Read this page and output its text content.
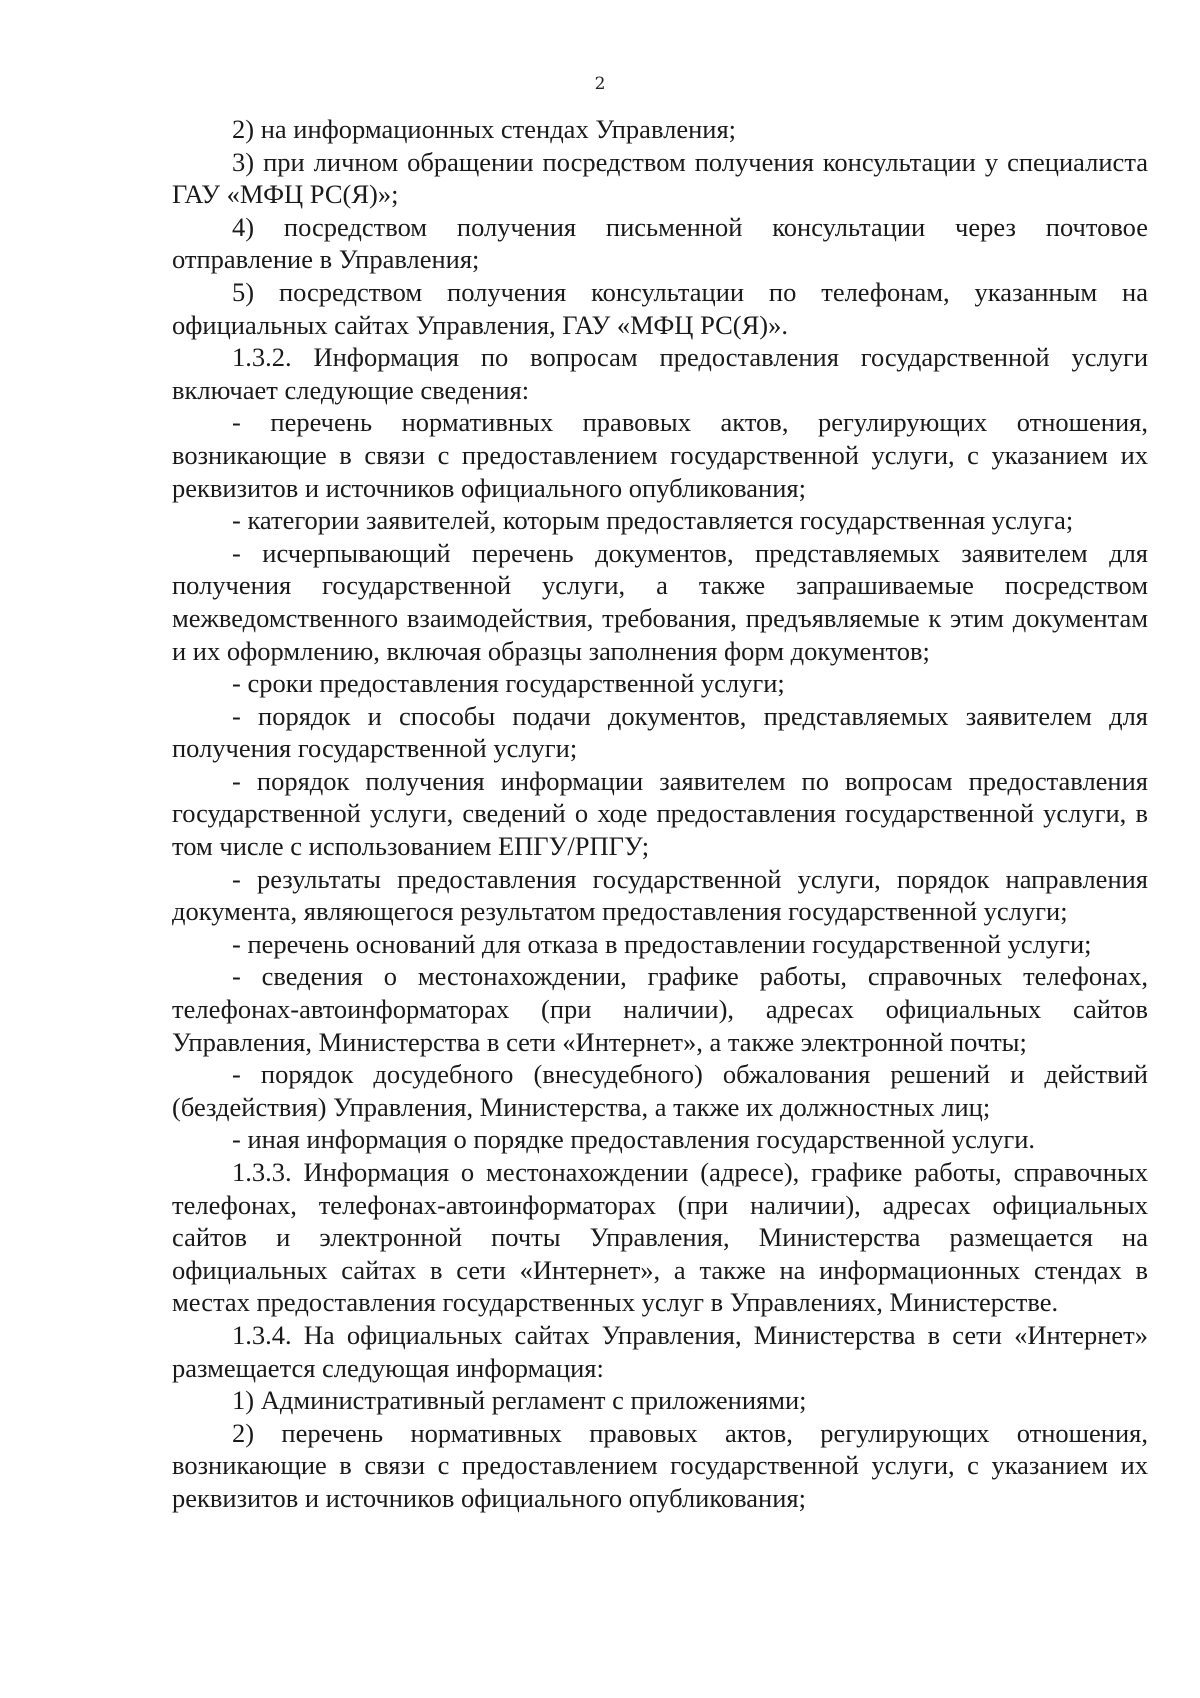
2

2) на информационных стендах Управления;

3) при личном обращении посредством получения консультации у специалиста ГАУ «МФЦ РС(Я)»;

4) посредством получения письменной консультации через почтовое отправление в Управления;

5) посредством получения консультации по телефонам, указанным на официальных сайтах Управления, ГАУ «МФЦ РС(Я)».

1.3.2. Информация по вопросам предоставления государственной услуги включает следующие сведения:

- перечень нормативных правовых актов, регулирующих отношения, возникающие в связи с предоставлением государственной услуги, с указанием их реквизитов и источников официального опубликования;

- категории заявителей, которым предоставляется государственная услуга;

- исчерпывающий перечень документов, представляемых заявителем для получения государственной услуги, а также запрашиваемые посредством межведомственного взаимодействия, требования, предъявляемые к этим документам и их оформлению, включая образцы заполнения форм документов;

- сроки предоставления государственной услуги;

- порядок и способы подачи документов, представляемых заявителем для получения государственной услуги;

- порядок получения информации заявителем по вопросам предоставления государственной услуги, сведений о ходе предоставления государственной услуги, в том числе с использованием ЕПГУ/РПГУ;

- результаты предоставления государственной услуги, порядок направления документа, являющегося результатом предоставления государственной услуги;

- перечень оснований для отказа в предоставлении государственной услуги;

- сведения о местонахождении, графике работы, справочных телефонах, телефонах-автоинформаторах (при наличии), адресах официальных сайтов Управления, Министерства в сети «Интернет», а также электронной почты;

- порядок досудебного (внесудебного) обжалования решений и действий (бездействия) Управления, Министерства, а также их должностных лиц;

- иная информация о порядке предоставления государственной услуги.

1.3.3. Информация о местонахождении (адресе), графике работы, справочных телефонах, телефонах-автоинформаторах (при наличии), адресах официальных сайтов и электронной почты Управления, Министерства размещается на официальных сайтах в сети «Интернет», а также на информационных стендах в местах предоставления государственных услуг в Управлениях, Министерстве.

1.3.4. На официальных сайтах Управления, Министерства в сети «Интернет» размещается следующая информация:

1) Административный регламент с приложениями;

2) перечень нормативных правовых актов, регулирующих отношения, возникающие в связи с предоставлением государственной услуги, с указанием их реквизитов и источников официального опубликования;
